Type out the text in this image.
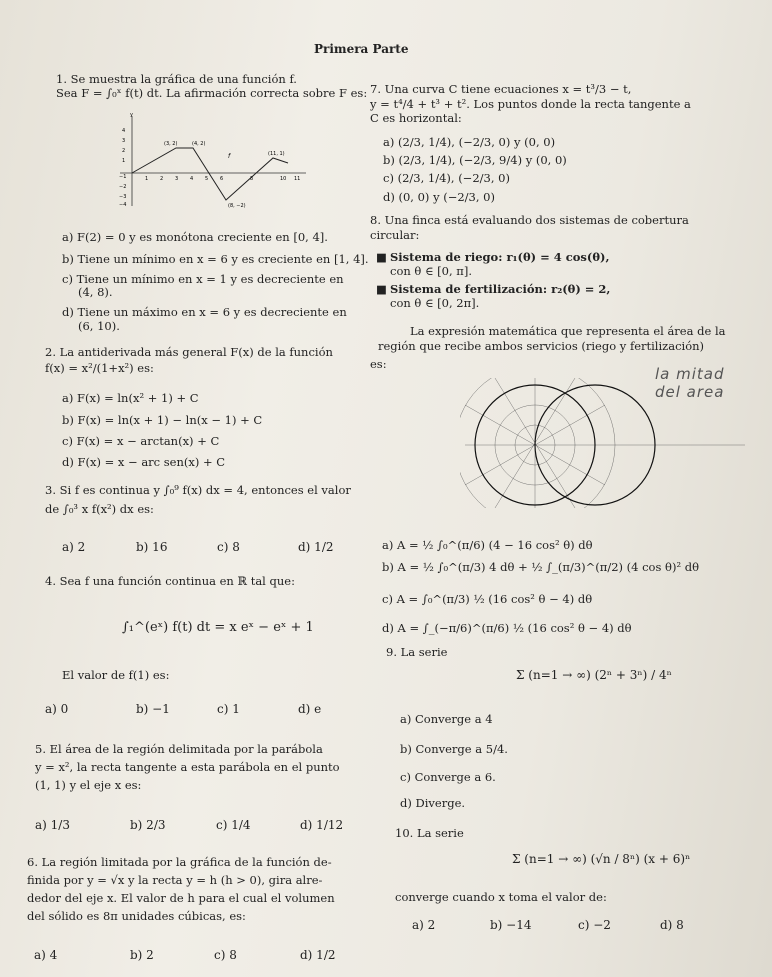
Primera Parte
1. Se muestra la gráfica de una función f.
Sea F = ∫₀ˣ f(t) dt. La afirmación correcta sobre F es:
y
4
3
2
1
−1
−2
−3
−4
1 2 3 4 5 6	8	10 11
f
(3, 2)	(4, 2)
(11, 1)
(8, −2)
a) F(2) = 0 y es monótona creciente en [0, 4].
b) Tiene un mínimo en x = 6 y es creciente en [1, 4].
c) Tiene un mínimo en x = 1 y es decreciente en
(4, 8).
d) Tiene un máximo en x = 6 y es decreciente en
(6, 10).
2. La antiderivada más general F(x) de la función
f(x) = x²/(1+x²) es:
a) F(x) = ln(x² + 1) + C
b) F(x) = ln(x + 1) − ln(x − 1) + C
c) F(x) = x − arctan(x) + C
d) F(x) = x − arc sen(x) + C
3. Si f es continua y ∫₀⁹ f(x) dx = 4, entonces el valor
de ∫₀³ x f(x²) dx es:
a) 2	b) 16	c) 8	d) 1/2
4. Sea f una función continua en ℝ tal que:
∫₁^(eˣ) f(t) dt = x eˣ − eˣ + 1
El valor de f(1) es:
a) 0	b) −1	c) 1	d) e
5. El área de la región delimitada por la parábola
y = x², la recta tangente a esta parábola en el punto
(1, 1) y el eje x es:
a) 1/3	b) 2/3	c) 1/4	d) 1/12
6. La región limitada por la gráfica de la función de-
finida por y = √x y la recta y = h (h > 0), gira alre-
dedor del eje x. El valor de h para el cual el volumen
del sólido es 8π unidades cúbicas, es:
a) 4	b) 2	c) 8	d) 1/2
7. Una curva C tiene ecuaciones x = t³/3 − t,
y = t⁴/4 + t³ + t². Los puntos donde la recta tangente a
C es horizontal:
a) (2/3, 1/4), (−2/3, 0) y (0, 0)
b) (2/3, 1/4), (−2/3, 9/4) y (0, 0)
c) (2/3, 1/4), (−2/3, 0)
d) (0, 0) y (−2/3, 0)
8. Una finca está evaluando dos sistemas de cobertura
circular:
■ Sistema de riego: r₁(θ) = 4 cos(θ),
con θ ∈ [0, π].
■ Sistema de fertilización: r₂(θ) = 2,
con θ ∈ [0, 2π].
La expresión matemática que representa el área de la
región que recibe ambos servicios (riego y fertilización)
es:
la mitad
del area
a) A = ½ ∫₀^(π/6) (4 − 16 cos² θ) dθ
b) A = ½ ∫₀^(π/3) 4 dθ + ½ ∫_(π/3)^(π/2) (4 cos θ)² dθ
c) A = ∫₀^(π/3) ½ (16 cos² θ − 4) dθ
d) A = ∫_(−π/6)^(π/6) ½ (16 cos² θ − 4) dθ
9. La serie
Σ (n=1 → ∞) (2ⁿ + 3ⁿ) / 4ⁿ
a) Converge a 4
b) Converge a 5/4.
c) Converge a 6.
d) Diverge.
10. La serie
Σ (n=1 → ∞) (√n / 8ⁿ) (x + 6)ⁿ
converge cuando x toma el valor de:
a) 2	b) −14	c) −2	d) 8
